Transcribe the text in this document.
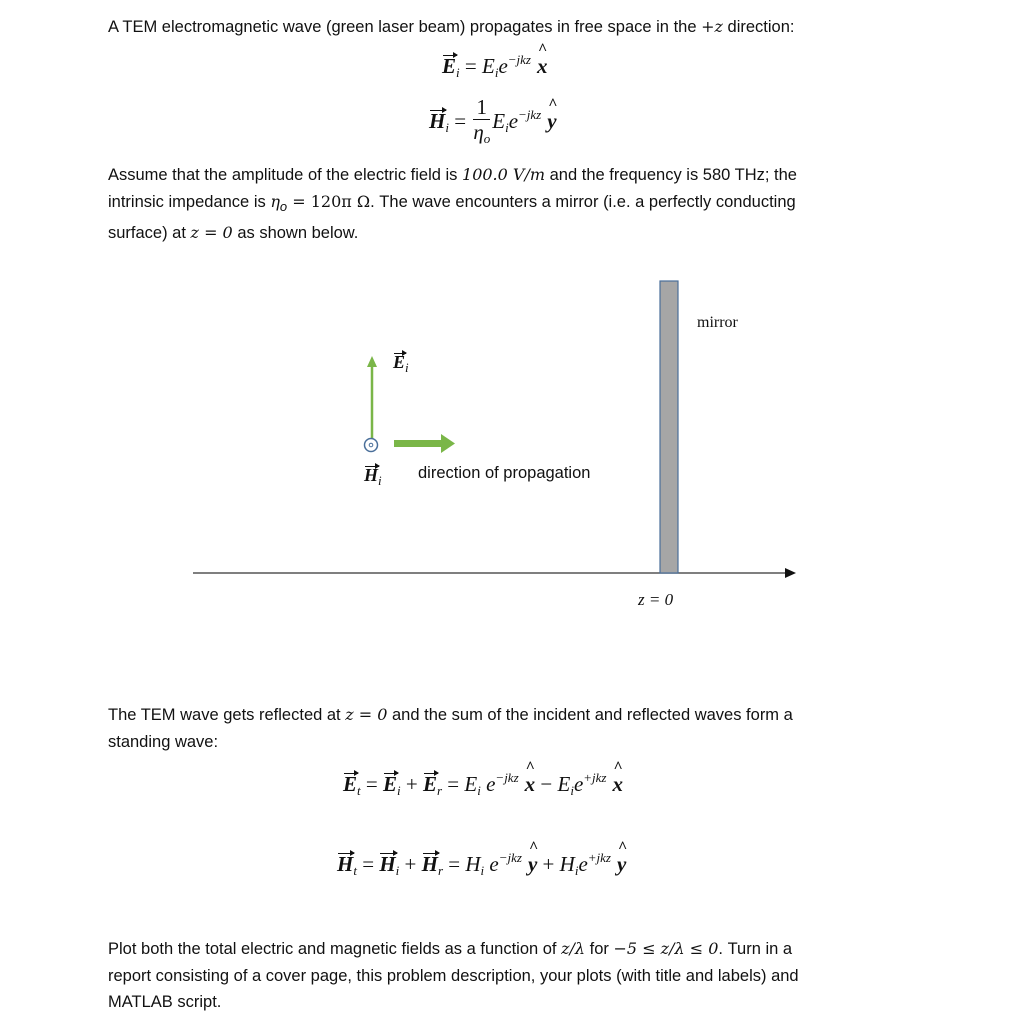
A TEM electromagnetic wave (green laser beam) propagates in free space in the +z direction:
$E_i = E_ie^{-jkz}$ ^ x
$H_i = \frac{1}{\eta_o} E_ie^{-jkz}$ ^ y
Assume that the amplitude of the electric field is 100.0 V/m and the frequency is 580 THz; the
intrinsic impedance is $\eta_o = 120\pi$ Ω. The wave encounters a mirror (i.e. a perfectly conducting
surface) at z = 0 as shown below.
mirror
$E_i$
$H_i$ direction of propagation
z = 0
The TEM wave gets reflected at z = 0 and the sum of the incident and reflected waves form a
standing wave:
$E_t = E_i + E_r = E_i$ $e^{-jkz}$ ^ $x - E_ie^{+jkz}$ ^ x
$H_t = H_i + H_r = H_i$ $e^{-jkz}$ ^ $y + H_ie^{+jkz}$ ^ y
Plot both the total electric and magnetic fields as a function of z/λ for −5 ≤ z/λ ≤ 0. Turn in a
report consisting of a cover page, this problem description, your plots (with title and labels) and
MATLAB script.
